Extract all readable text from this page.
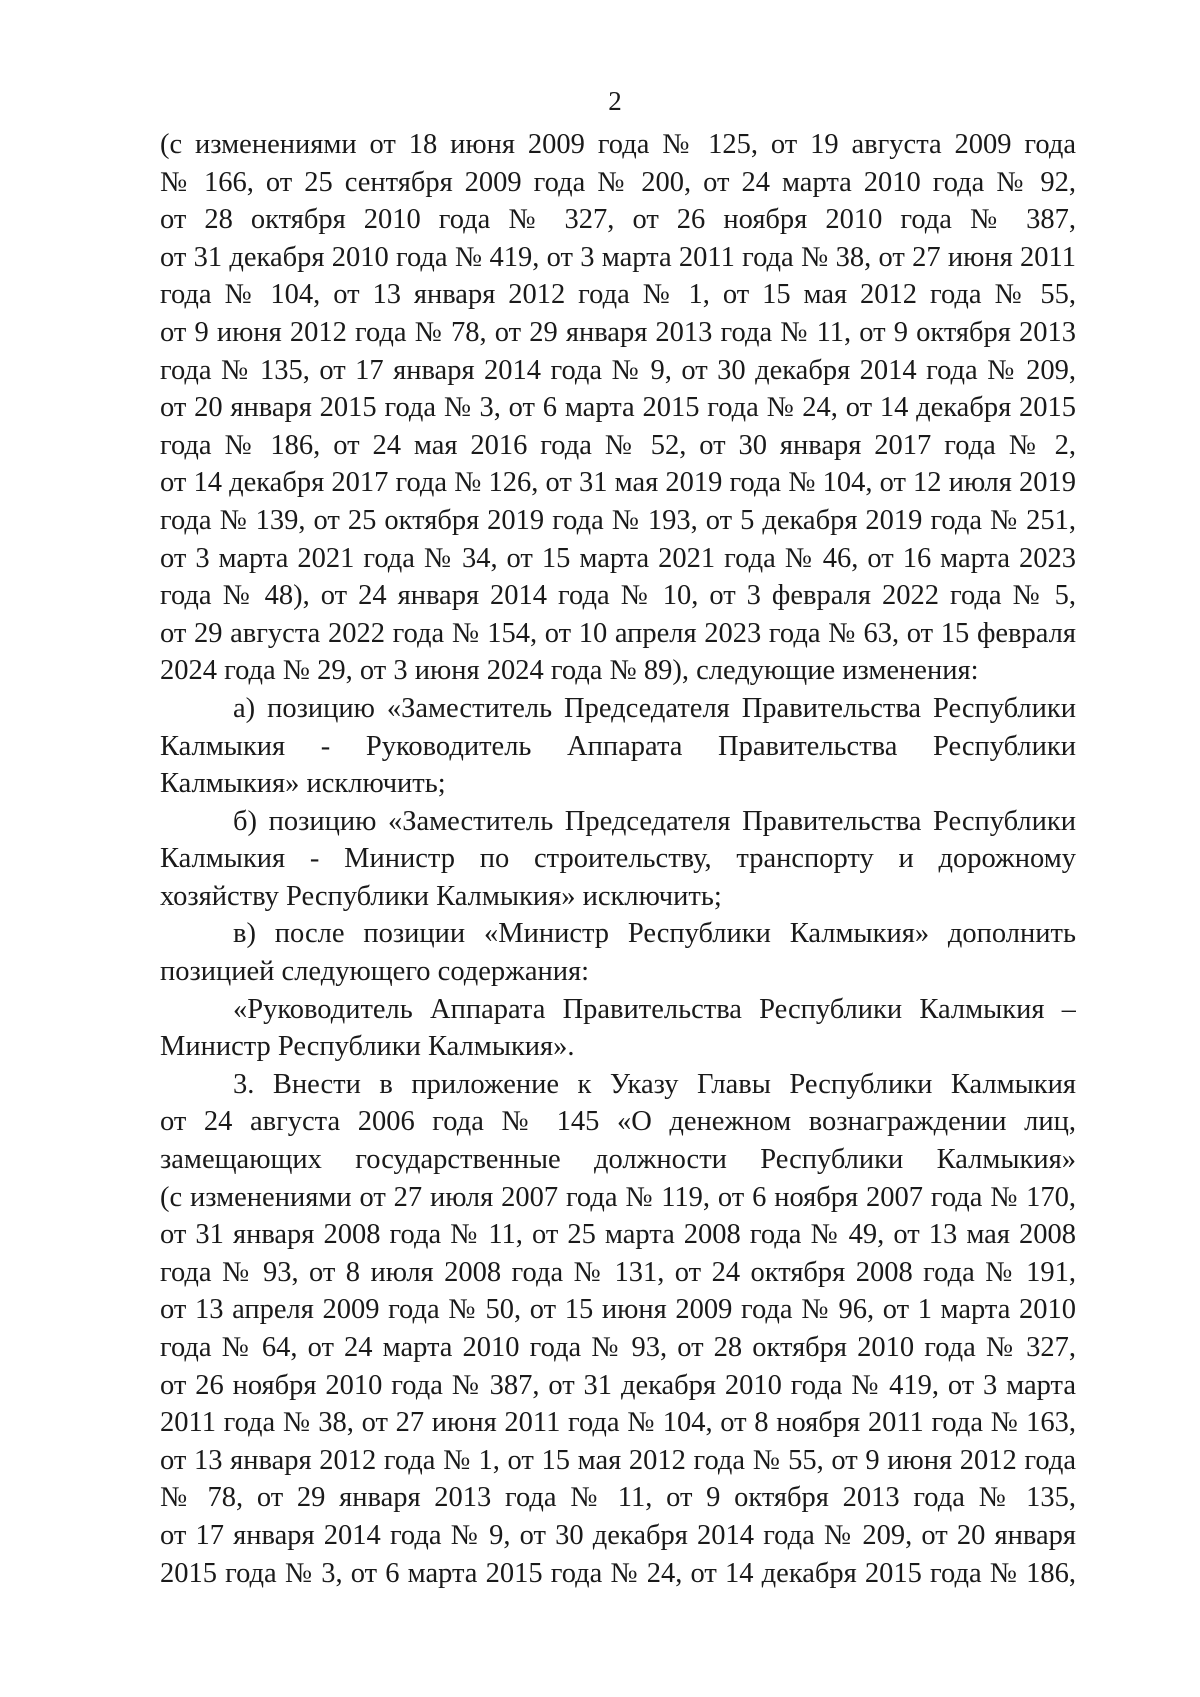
2
(с изменениями от 18 июня 2009 года № 125, от 19 августа 2009 года
№ 166, от 25 сентября 2009 года № 200, от 24 марта 2010 года № 92,
от 28 октября 2010 года № 327, от 26 ноября 2010 года № 387,
от 31 декабря 2010 года № 419, от 3 марта 2011 года № 38, от 27 июня 2011
года № 104, от 13 января 2012 года № 1, от 15 мая 2012 года № 55,
от 9 июня 2012 года № 78, от 29 января 2013 года № 11, от 9 октября 2013
года № 135, от 17 января 2014 года № 9, от 30 декабря 2014 года № 209,
от 20 января 2015 года № 3, от 6 марта 2015 года № 24, от 14 декабря 2015
года № 186, от 24 мая 2016 года № 52, от 30 января 2017 года № 2,
от 14 декабря 2017 года № 126, от 31 мая 2019 года № 104, от 12 июля 2019
года № 139, от 25 октября 2019 года № 193, от 5 декабря 2019 года № 251,
от 3 марта 2021 года № 34, от 15 марта 2021 года № 46, от 16 марта 2023
года № 48), от 24 января 2014 года № 10, от 3 февраля 2022 года № 5,
от 29 августа 2022 года № 154, от 10 апреля 2023 года № 63, от 15 февраля
2024 года № 29, от 3 июня 2024 года № 89), следующие изменения:
а) позицию «Заместитель Председателя Правительства Республики
Калмыкия - Руководитель Аппарата Правительства Республики
Калмыкия» исключить;
б) позицию «Заместитель Председателя Правительства Республики
Калмыкия - Министр по строительству, транспорту и дорожному
хозяйству Республики Калмыкия» исключить;
в) после позиции «Министр Республики Калмыкия» дополнить
позицией следующего содержания:
«Руководитель Аппарата Правительства Республики Калмыкия –
Министр Республики Калмыкия».
3. Внести в приложение к Указу Главы Республики Калмыкия
от 24 августа 2006 года № 145 «О денежном вознаграждении лиц,
замещающих государственные должности Республики Калмыкия»
(с изменениями от 27 июля 2007 года № 119, от 6 ноября 2007 года № 170,
от 31 января 2008 года № 11, от 25 марта 2008 года № 49, от 13 мая 2008
года № 93, от 8 июля 2008 года № 131, от 24 октября 2008 года № 191,
от 13 апреля 2009 года № 50, от 15 июня 2009 года № 96, от 1 марта 2010
года № 64, от 24 марта 2010 года № 93, от 28 октября 2010 года № 327,
от 26 ноября 2010 года № 387, от 31 декабря 2010 года № 419, от 3 марта
2011 года № 38, от 27 июня 2011 года № 104, от 8 ноября 2011 года № 163,
от 13 января 2012 года № 1, от 15 мая 2012 года № 55, от 9 июня 2012 года
№ 78, от 29 января 2013 года № 11, от 9 октября 2013 года № 135,
от 17 января 2014 года № 9, от 30 декабря 2014 года № 209, от 20 января
2015 года № 3, от 6 марта 2015 года № 24, от 14 декабря 2015 года № 186,
